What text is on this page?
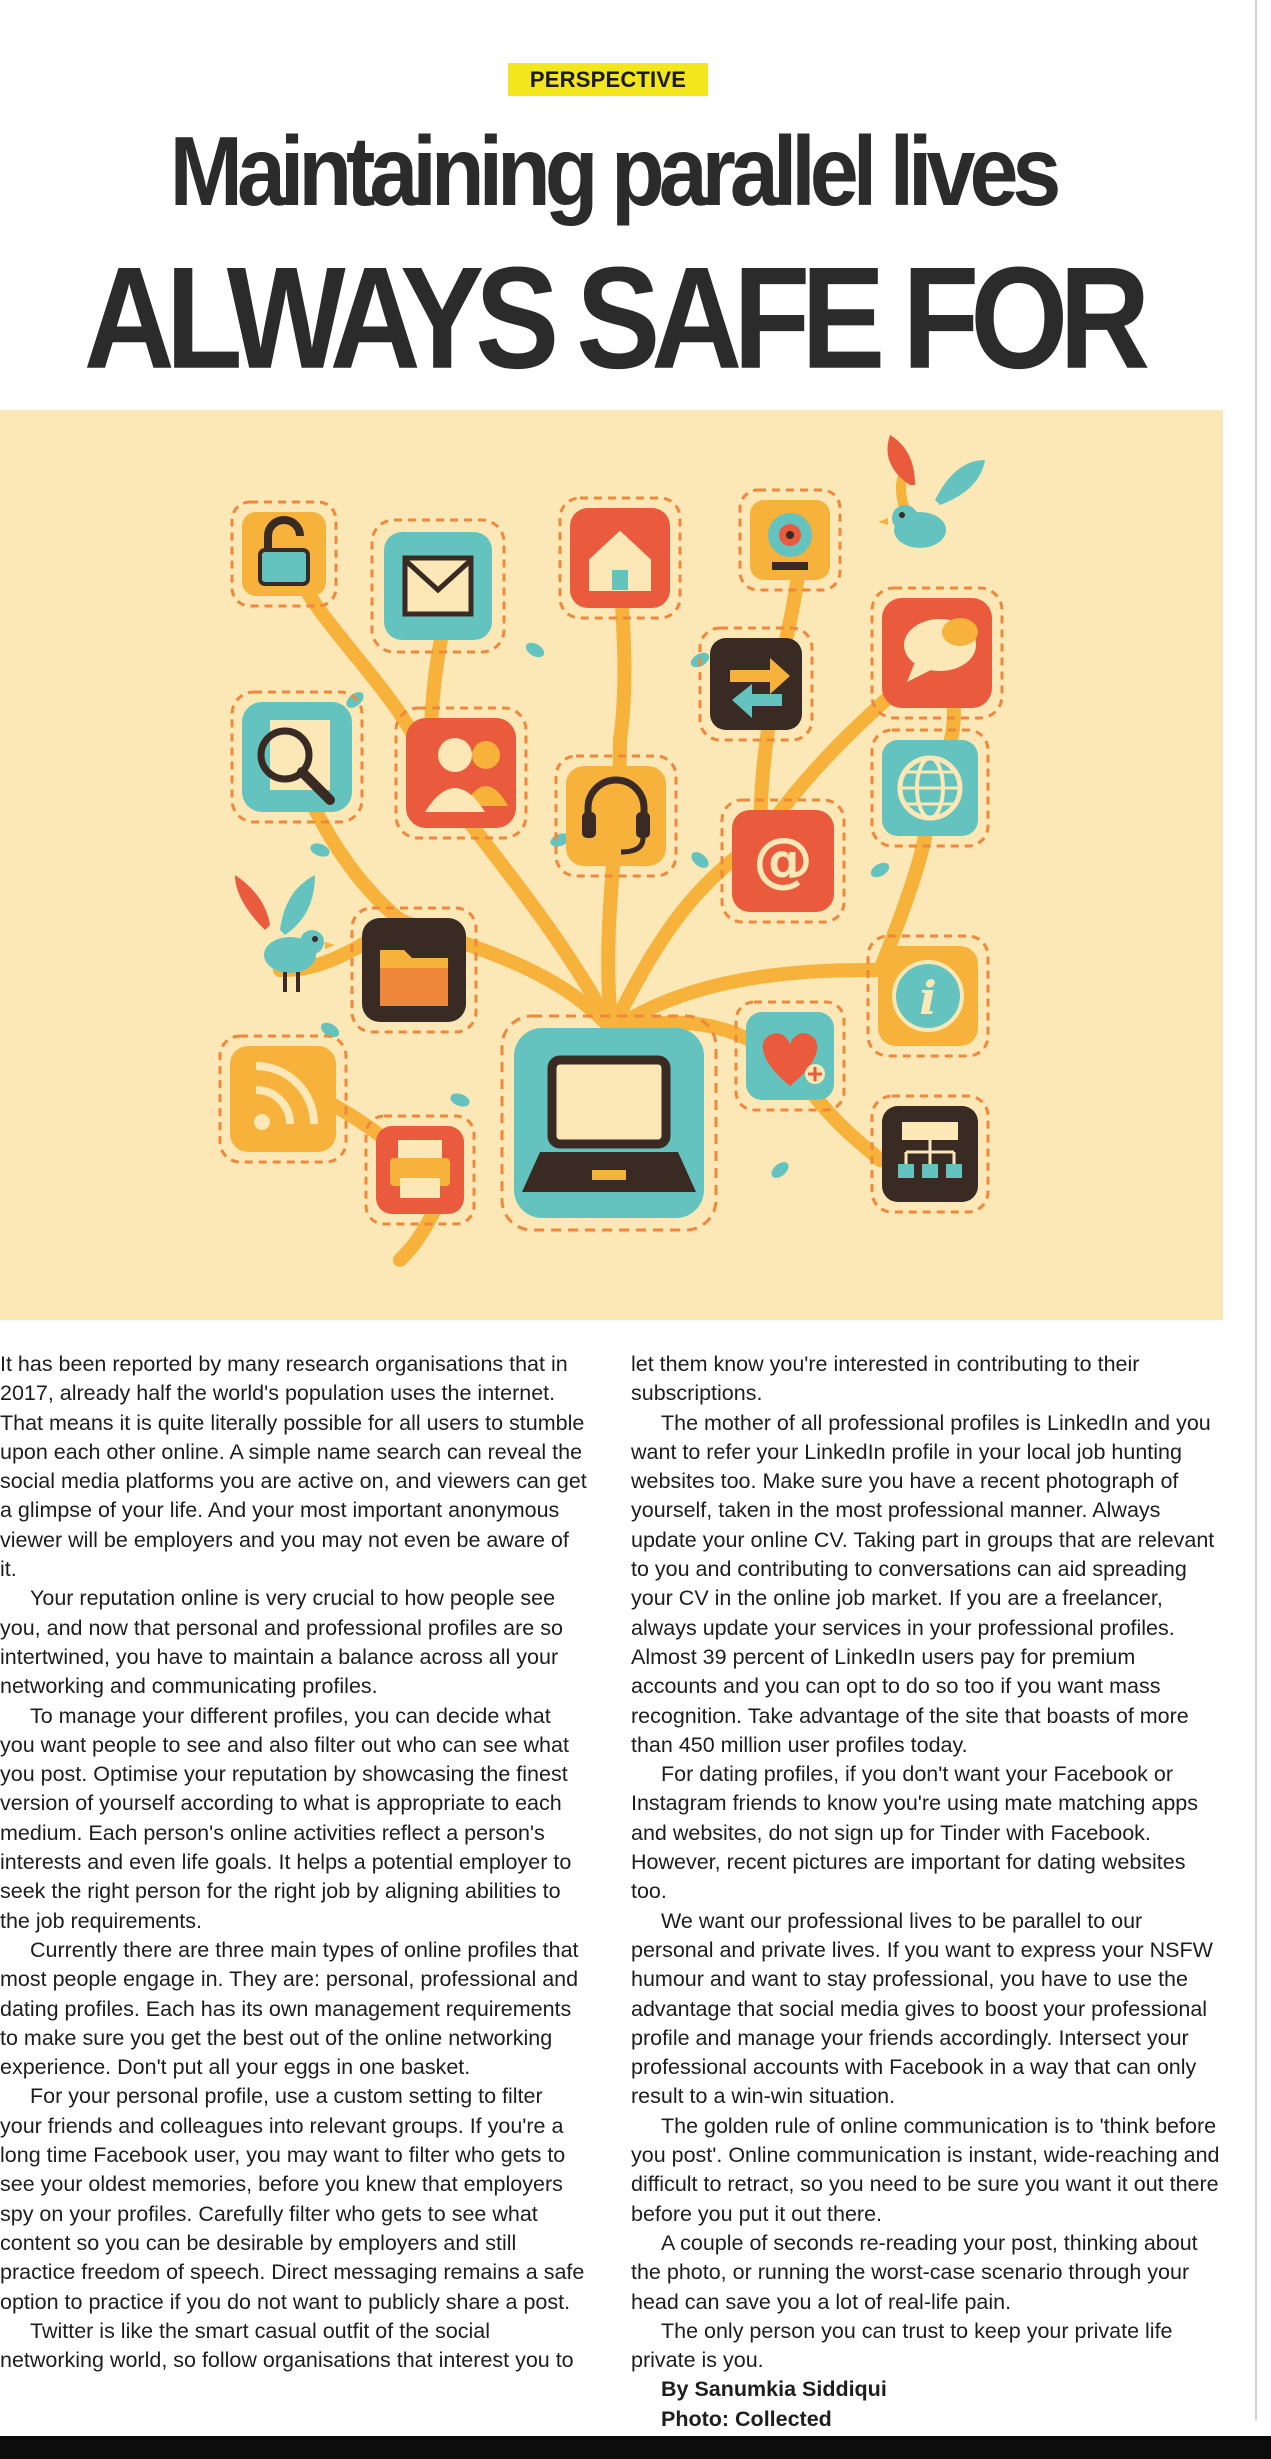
PERSPECTIVE
Maintaining parallel lives
ALWAYS SAFE FOR
@
i

It has been reported by many research organisations that in 2017, already half the world's population uses the internet. That means it is quite literally possible for all users to stumble upon each other online. A simple name search can reveal the social media platforms you are active on, and viewers can get a glimpse of your life. And your most important anonymous viewer will be employers and you may not even be aware of it.

Your reputation online is very crucial to how people see you, and now that personal and professional profiles are so intertwined, you have to maintain a balance across all your networking and communicating profiles.

To manage your different profiles, you can decide what you want people to see and also filter out who can see what you post. Optimise your reputation by showcasing the finest version of yourself according to what is appropriate to each medium. Each person's online activities reflect a person's interests and even life goals. It helps a potential employer to seek the right person for the right job by aligning abilities to the job requirements.

Currently there are three main types of online profiles that most people engage in. They are: personal, professional and dating profiles. Each has its own management requirements to make sure you get the best out of the online networking experience. Don't put all your eggs in one basket.

For your personal profile, use a custom setting to filter your friends and colleagues into relevant groups. If you're a long time Facebook user, you may want to filter who gets to see your oldest memories, before you knew that employers spy on your profiles. Carefully filter who gets to see what content so you can be desirable by employers and still practice freedom of speech. Direct messaging remains a safe option to practice if you do not want to publicly share a post.

Twitter is like the smart casual outfit of the social networking world, so follow organisations that interest you to

let them know you're interested in contributing to their subscriptions.

The mother of all professional profiles is LinkedIn and you want to refer your LinkedIn profile in your local job hunting websites too. Make sure you have a recent photograph of yourself, taken in the most professional manner. Always update your online CV. Taking part in groups that are relevant to you and contributing to conversations can aid spreading your CV in the online job market. If you are a freelancer, always update your services in your professional profiles. Almost 39 percent of LinkedIn users pay for premium accounts and you can opt to do so too if you want mass recognition. Take advantage of the site that boasts of more than 450 million user profiles today.

For dating profiles, if you don't want your Facebook or Instagram friends to know you're using mate matching apps and websites, do not sign up for Tinder with Facebook. However, recent pictures are important for dating websites too.

We want our professional lives to be parallel to our personal and private lives. If you want to express your NSFW humour and want to stay professional, you have to use the advantage that social media gives to boost your professional profile and manage your friends accordingly. Intersect your professional accounts with Facebook in a way that can only result to a win-win situation.

The golden rule of online communication is to 'think before you post'. Online communication is instant, wide-reaching and difficult to retract, so you need to be sure you want it out there before you put it out there.

A couple of seconds re-reading your post, thinking about the photo, or running the worst-case scenario through your head can save you a lot of real-life pain.

The only person you can trust to keep your private life private is you.

By Sanumkia Siddiqui

Photo: Collected
